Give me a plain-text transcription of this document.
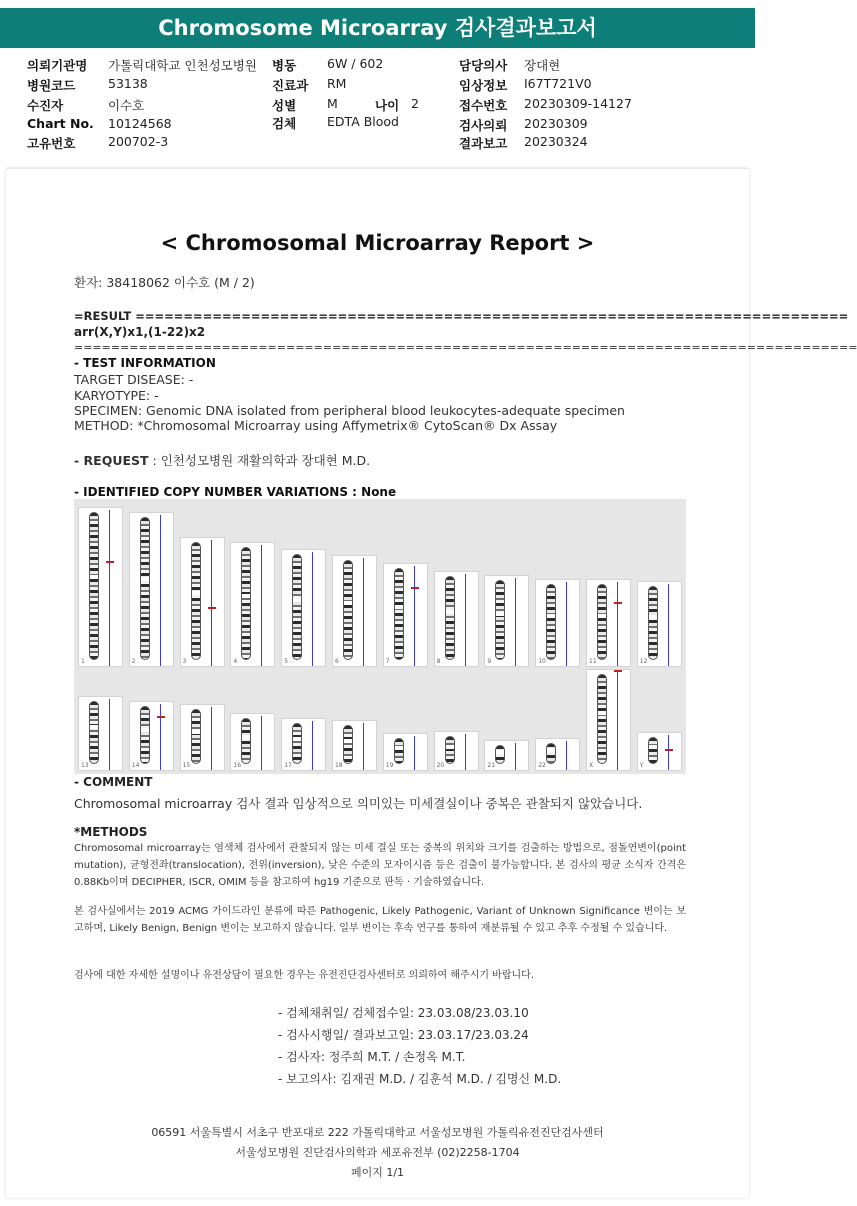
Chromosome Microarray 검사결과보고서
의뢰기관명 가톨릭대학교 인천성모병원
병원코드	53138
수진자	이수호
Chart No. 10124568
고유번호	200702-3
병동 6W / 602
진료과 RM
성별 M	나이 2
검체 EDTA Blood
담당의사 장대현
임상정보 I67T721V0
접수번호 20230309-14127
검사의뢰 20230309
결과보고 20230324
< Chromosomal Microarray Report >
환자: 38418062 이수호 (M / 2)
=RESULT ==========================================================================
arr(X,Y)x1,(1-22)x2
=====================================================================================
- TEST INFORMATION
TARGET DISEASE: -
KARYOTYPE: -
SPECIMEN: Genomic DNA isolated from peripheral blood leukocytes-adequate specimen
METHOD: *Chromosomal Microarray using Affymetrix® CytoScan® Dx Assay
- REQUEST : 인천성모병원 재활의학과 장대현 M.D.
- IDENTIFIED COPY NUMBER VARIATIONS : None
1	2	3	4	5	6	7	8	9	10	11	12
13	14	15	16	17	18	19	20	21	22	X	Y
- COMMENT
Chromosomal microarray 검사 결과 임상적으로 의미있는 미세결실이나 중복은 관찰되지 않았습니다.
*METHODS
Chromosomal microarray는 염색체 검사에서 관찰되지 않는 미세 결실 또는 중복의 위치와 크기를 검출하는 방법으로, 점돌연변이(point mutation), 균형전좌(translocation), 전위(inversion), 낮은 수준의 모자이시즘 등은 검출이 불가능합니다. 본 검사의 평균 소식자 간격은 0.88Kb이며 DECIPHER, ISCR, OMIM 등을 참고하여 hg19 기준으로 판독 · 기술하였습니다.
본 검사실에서는 2019 ACMG 가이드라인 분류에 따른 Pathogenic, Likely Pathogenic, Variant of Unknown Significance 변이는 보고하며, Likely Benign, Benign 변이는 보고하지 않습니다. 일부 변이는 후속 연구를 통하여 재분류될 수 있고 추후 수정될 수 있습니다.
검사에 대한 자세한 설명이나 유전상담이 필요한 경우는 유전진단검사센터로 의뢰하여 해주시기 바랍니다.
- 검체채취일/ 검체접수일: 23.03.08/23.03.10
- 검사시행일/ 결과보고일: 23.03.17/23.03.24
- 검사자: 정주희 M.T. / 손정옥 M.T.
- 보고의사: 김재권 M.D. / 김훈석 M.D. / 김명신 M.D.
06591 서울특별시 서초구 반포대로 222 가톨릭대학교 서울성모병원 가톨릭유전진단검사센터
서울성모병원 진단검사의학과 세포유전부 (02)2258-1704
페이지 1/1
